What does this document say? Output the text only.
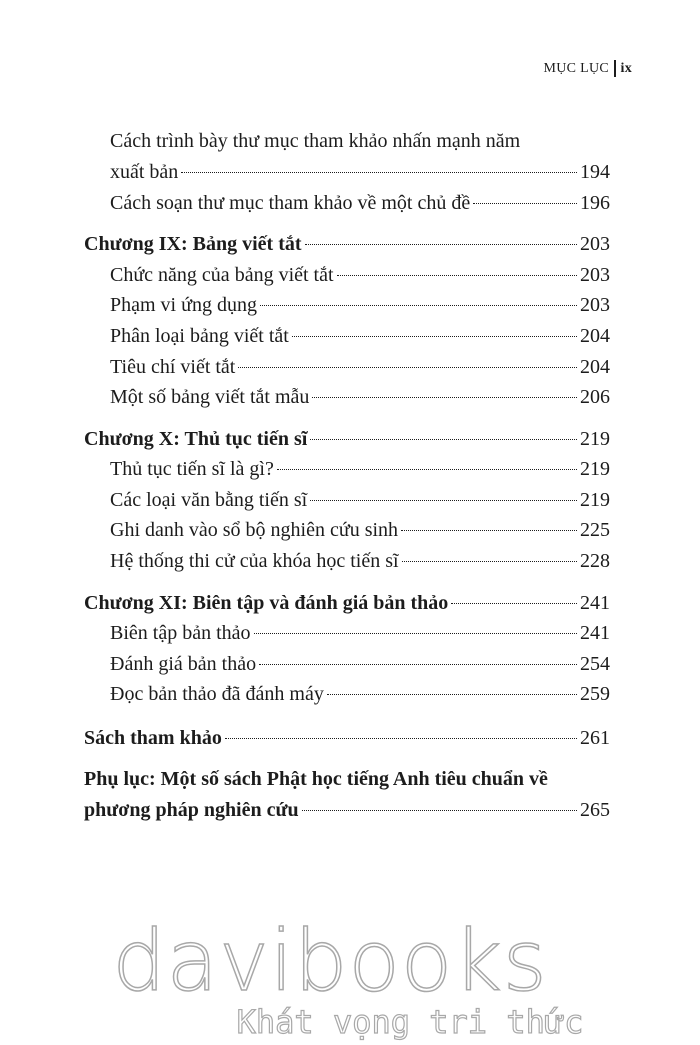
MỤC LỤC ix
Cách trình bày thư mục tham khảo nhấn mạnh năm
xuất bản	194
Cách soạn thư mục tham khảo về một chủ đề	196
Chương IX: Bảng viết tắt	203
Chức năng của bảng viết tắt	203
Phạm vi ứng dụng	203
Phân loại bảng viết tắt	204
Tiêu chí viết tắt	204
Một số bảng viết tắt mẫu	206
Chương X: Thủ tục tiến sĩ	219
Thủ tục tiến sĩ là gì?	219
Các loại văn bằng tiến sĩ	219
Ghi danh vào sổ bộ nghiên cứu sinh	225
Hệ thống thi cử của khóa học tiến sĩ	228
Chương XI: Biên tập và đánh giá bản thảo	241
Biên tập bản thảo	241
Đánh giá bản thảo	254
Đọc bản thảo đã đánh máy	259
Sách tham khảo	261
Phụ lục: Một số sách Phật học tiếng Anh tiêu chuẩn về
phương pháp nghiên cứu	265
davibooks
Khát vọng tri thức
